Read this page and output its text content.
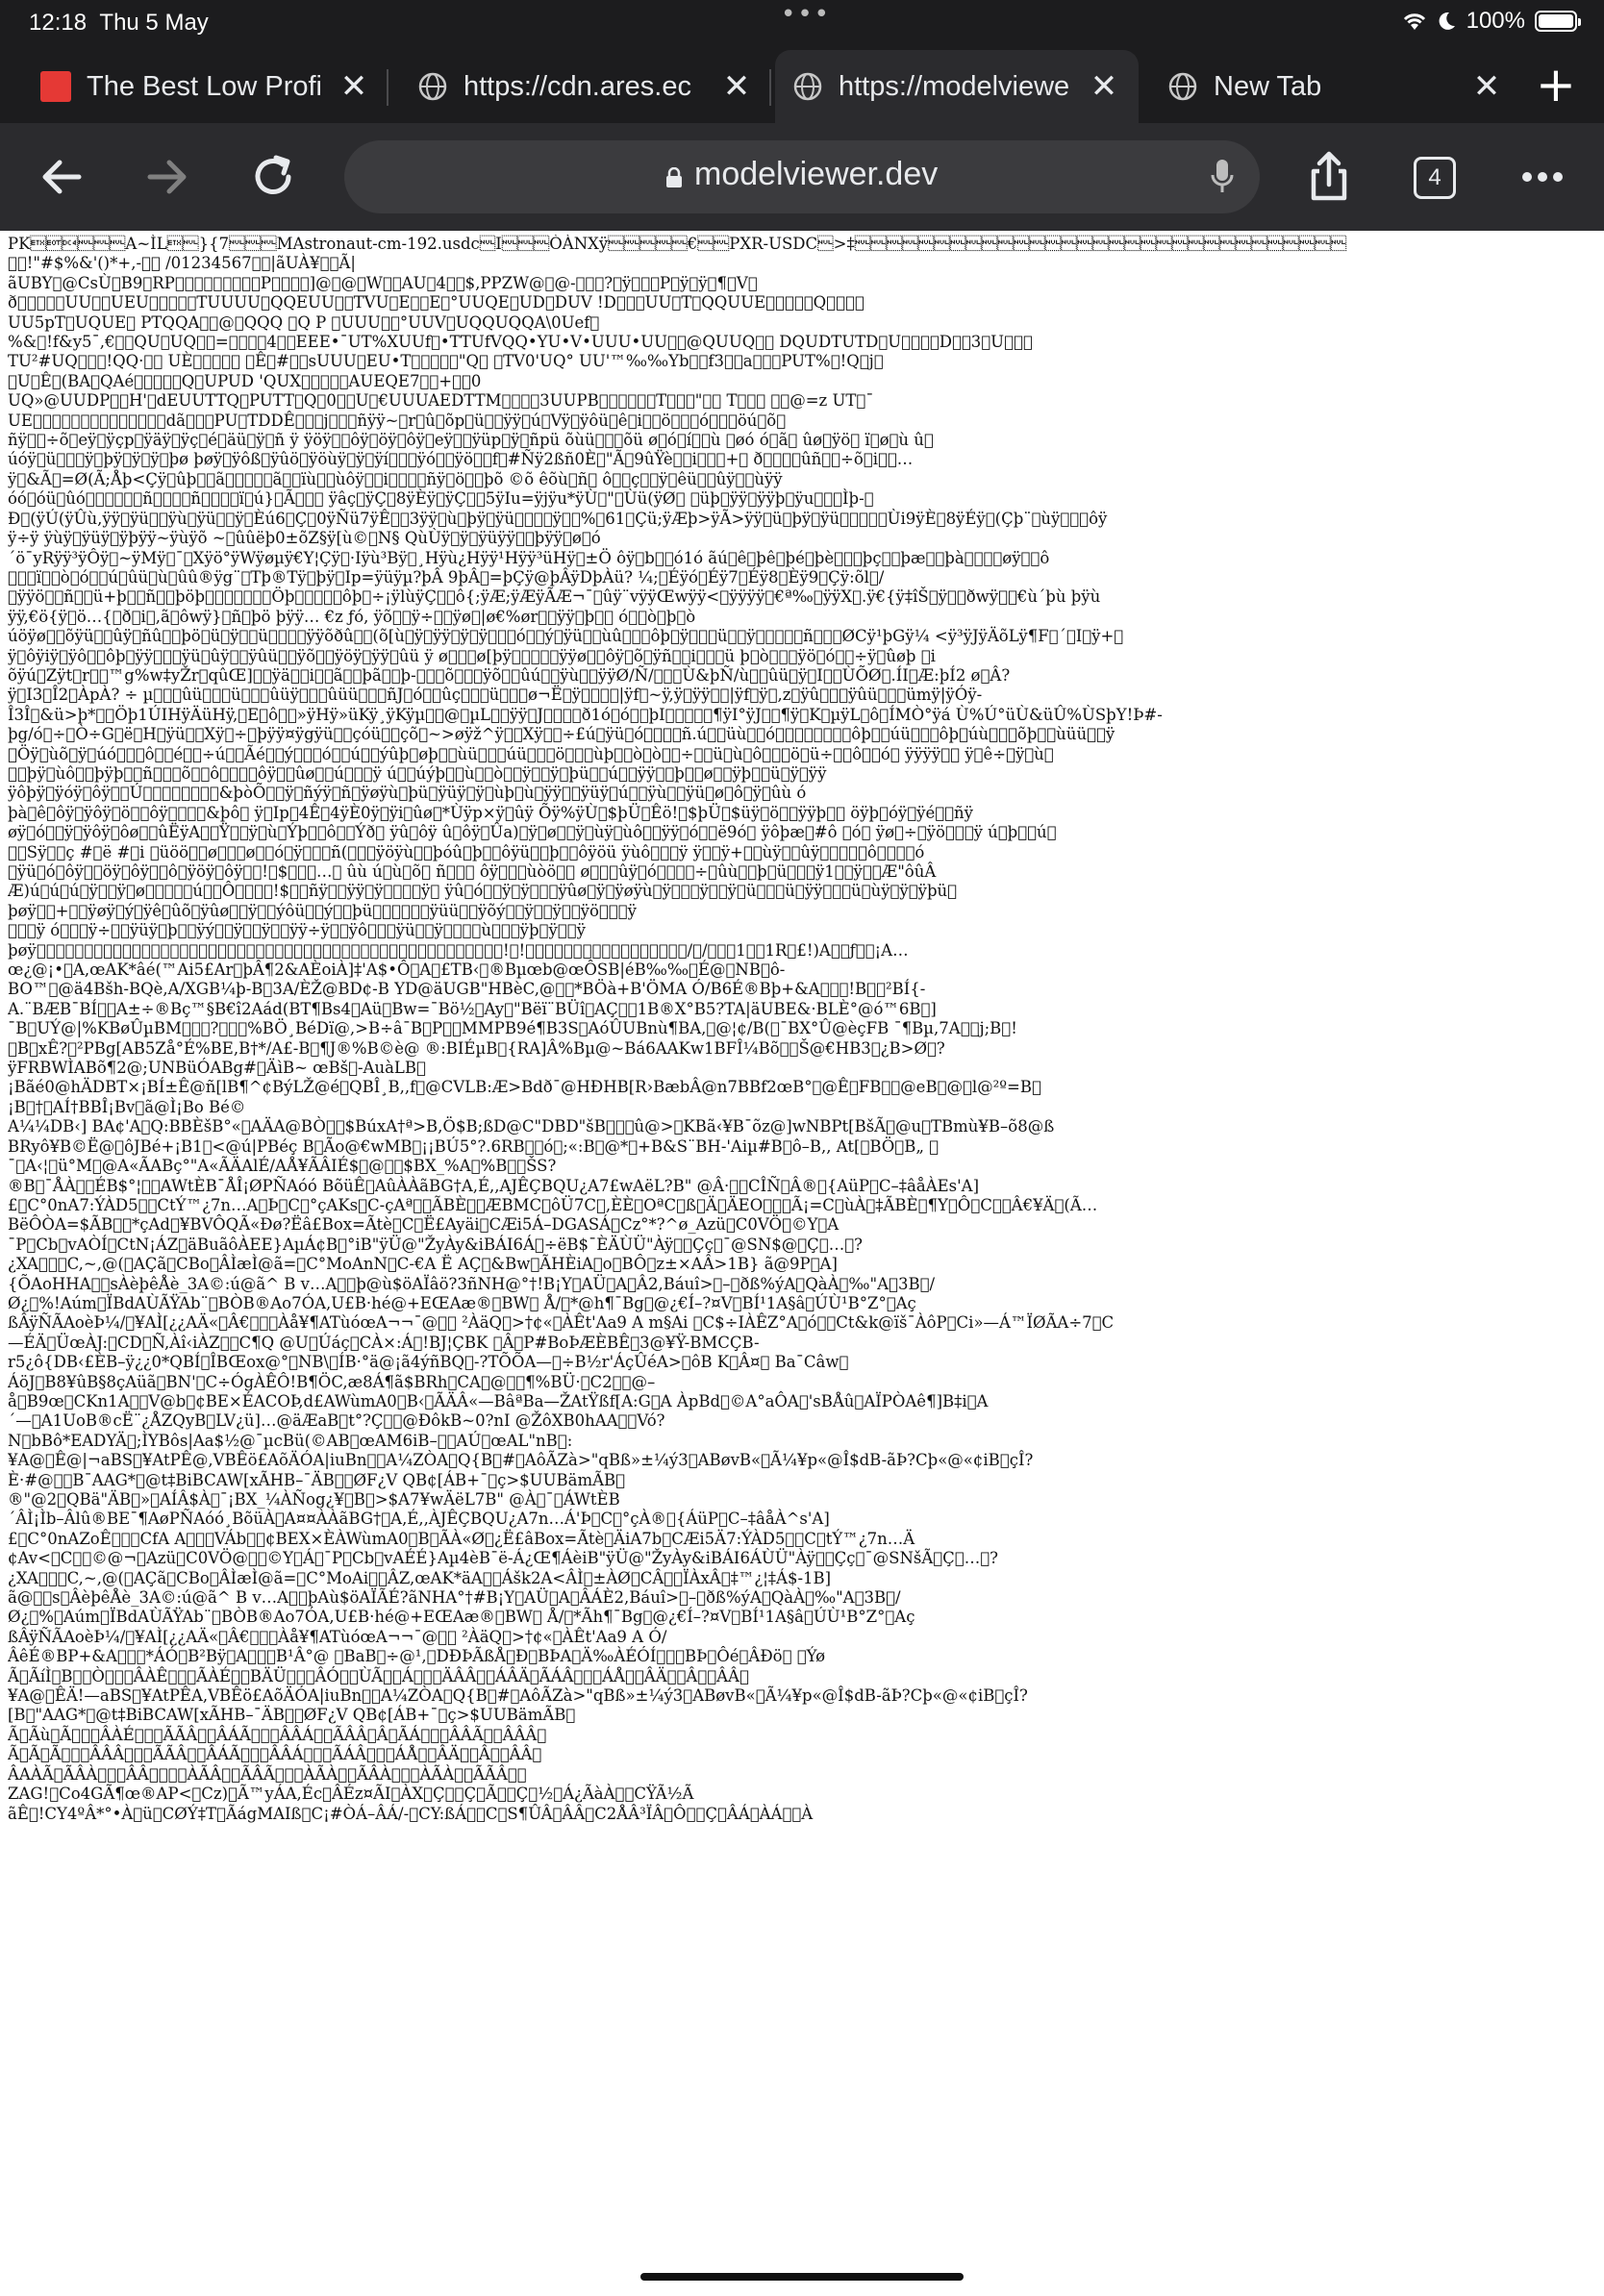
12:18 Thu 5 May	•••	100%
The Best Low Profi ✕	https://cdn.ares.ec ✕	https://modelviewe ✕	New Tab	✕ +
modelviewer.dev	4
PK   A~ÌL }{7   MAstronaut-cm-192.usdc I   ÒÀNXÿ     €  PXR-USDC >‡                               
  !"#$%&'()*+,-   /01234567  |ãUÀ¥  Ã|
ãUBY @CsÙ B9 RP         P    ]@ @ W  AU 4  $,PPZW@ @-   ? ÿ   P ÿ ÿ ¶ V 
ð     UU  UEU     TUUUU QQEUU  TVU E  E °UUQE UD DUV !D   UU T QQUUE     Q    
UU5pT UQUE  PTQQA  @ QQQ  Q P  UUU  °UUV UQQUQQA\0Uef 
%& !f&y5¯,€  QU UQ  =    4  EEE•¯UT%XUUf •TTUfVQQ•YU•V•UUU•UU  @QUUQ   DQUDTUTD U    D  3 U   
TU²#UQ   !QQ·   UÈ       Ê #  sUUU EU•T     "Q   TV0'UQ° UU'™‰‰Yb  f3  a   PUT% !Q j 
 U Ê (BA QAé     Q UPUD 'QUX     AUEQE7  +  0
UQ»@UUDP  H' dEUUTTQ PUTT Q 0  U €UUUAEDTTM    3UUPB      T   "   T      @=z UT ¯
UE              dã   PU TDDÊ   j   ñÿÿ~ r û õp ü  ÿÿ ú Vÿ ÿôü ê i  ö   ó   öú õ 
ñÿ  ÷õ eÿ ÿçp ÿäÿ ÿç é äü ÿ ñ ÿ ÿöÿ  ôÿ öÿ ôÿ eÿ  ÿüp ÿ ñpü õùü   õü ø ó í  ù  øó ó ã  ûø ÿö  ï ø ù û 
úóÿ ü   ÿ þÿ ÿ ÿ þø þøÿ ÿôß ÿûö ÿöùÿ ÿ ÿí   ÿó  ÿö  f #Ñÿ2ßñ0È "Ã 9ûŸè  i   +  ð    ûñ  ÷õ i  …
ÿ &Ã =Ø(Ã;Åþ<Çÿ ûþ  ã     ã  ïù  ùôÿ  i    ñÿ ö  þõ ©õ êõù ñ  ô  ç  ÿ êü  ûÿ  ùÿÿ
óó óü ûó      ñ    ñ    ï ú} Ã    ÿâç ÿÇ 8ÿÈÿ ÿÇ  5ÿIu=ÿjÿu*ÿÙ " Ùü(ÿØ   üþ ÿÿ ÿÿþ ÿu   Ìþ- 
Ð (ÿÚ(ÿÛù,ÿÿ ÿü  ÿù ÿü  ÿ Èú6 Ç 0ÿÑü7ÿÊ  3ÿÿ ù þÿ ÿü    ÿ  % 61 Çü;ÿÆþ>ÿÃ>ÿÿ ü þÿ ÿü     Ùi9ÿÈ 8ÿÉÿ (Çþ¨ ùÿ   ôÿ
ÿ÷ÿ ÿùÿ ÿüÿ ÿþÿÿ~ÿùÿõ ~ ûûëþ0±õZ§ÿ[ù© N§ QùÙÿ ÿ ÿüÿÿ  þÿÿ ø ó
´ö¯yRÿÿ³ÿÔÿ ~ÿMÿ ¯ Xÿö°ÿWÿøµÿ€Y¦Çÿ ·Iÿù³Bÿ ¸Hÿù¿Hÿÿ¹Hÿÿ³üHÿ ±Ö ôÿ b  ó1ó ãú ê þê þé þè   þç  þæ  þà    øÿ  ô
   ï  ò ó  ú ûü ù ûû®ÿg¨ Tþ®Tÿ þÿ Ip=ÿüÿµ?þÂ 9þÂ =þÇÿ@þÂÿDþÀü? ¼; Éÿó Éÿ7 Éÿ8 Èÿ9 Çÿ:õl /
 ÿÿö  ñ  ü+þ  ñ  þöþ       Öþ     ôþ ÷¡ÿlùÿÇ  ô{;ÿÆ;ÿÆÿÃÆ¬¯ ûÿ¨vÿÿŒwÿÿ< ÿÿÿÿ €ª‰ ÿÿX .ÿ€{ÿ‡îŠ ÿ  ðwÿ  €ù´þù þÿù
ÿÿ,€ö{ÿ ö…{ ð i ,ã ôwÿ} ñ þö þÿÿ… €z ƒó, ÿõ  ÿ÷  ÿø |ø€%ør  ÿÿ þ   ó  ò þ ò
úöÿø  õÿü  ûÿ ñû  þö ü ÿ  ü    ÿÿõðû  (õ[ù ÿ ÿÿ ÿ ÿ   ó  ý ÿü  ùû   ôþ ÿ   ü  ÿ     ñ   ØCÿ¹þGÿ¼ <ÿ³ÿJÿÄõLÿ¶F ´ I ÿ+ 
ÿ ôÿiÿ ÿô  ôþ ÿÿ   ÿü ûÿ  ÿûü  ÿõ  ÿöÿ ÿÿ ûü ÿ ø   ø[þÿ     ÿÿø  ôÿ õ ÿñ  i   ü þ ò   ÿö ó  ÷ÿ ûøþ  i
õÿú Zÿt r  ™g%w‡yŽr qûŒ]  ÿä  i  ã  þã  þ-   õ   ÿõ  ûú  ÿù  ÿÿØ/Ñ/   Ù&þÑ/ù  ûü ÿ I  ÙÕØ .ÍI Æ:þÍ2 ø Â?
ÿ I3 Î2 ÀpÀ? ÷ µ   ûü   ü   ûüÿ   ûüü   ñJ ó  ûç   ü   ø¬Ë ÿ    |ÿf ~ÿ,ÿ ÿÿ  |ÿf ÿ ,z ÿû   ÿûü   ümÿ|ÿÓÿ-
Î3Î &ü>þ*  Öþ1ÚIHÿÄüHÿ, E ô  »ÿHÿ»üKÿ¸ÿKÿµ  @ µL  ÿÿ J    ð1ó ó  þI     ¶ÿI°ÿJ  ¶ÿ K µÿL ô ÍMÒ°ÿá Ù%Ú°üÙ&üÛ%ÙSþY!Þ#-
þg/ó ÷ Ò÷G ë H ÿü  Xÿ ÷ þÿÿ¤ÿgÿü  çóü  çõ ~>øÿž^ÿ  Xÿ  ÷£ú ÿü ó    ñ.ú  üù  ó        ôþ  úü   ôþ úù   õþ  ùüü  ÿ
 Öÿ ùõ ÿ úó   ô  é  ÷ú  Ãé  ý   ó  ú  ýûþ øþ  ùü   úü   ö   ùþ  ò ò  ÷  ü ù ô   ö ü÷  ô  ó  ÿÿÿÿ   ÿ ê÷ ÿ ù 
  þÿ ùô  þÿþ  ñ   õ  ô    ôÿ  ûø  ú   ÿ ú  úýþ  ù  ò  ÿ  ÿ þü  ú  ÿÿ  þ  ø  ÿþ  ü ÿ ÿÿ
ÿôþÿ ÿóÿ ôÿ  Ú        &þòÕ  ÿ ñýÿ ñ ÿøÿù þü ÿüÿ ÿ ùþ ù ÿÿ  ÿüÿ ú  ÿù  ÿü ø ô ÿ ûù ó
þà ê ôÿ ÿôÿ ö  ôÿ    &þô  ÿ Ip 4Ê 4ÿÈ0ÿ ÿi ûø *Ùÿp×ÿ ûÿ Õÿ%ÿÙ $þÜ Êö! $þÜ $üÿ ö  ÿÿþ   öÿþ óÿ ÿé  ñÿ
øÿ ó  ÿ ÿôÿ ôø  ûËÿA  Ÿ  ÿ ù Ýþ  ô  Ýð  ÿû ôÿ û ôÿ Ûa) ÿ ø  ÿ ùÿ ùô  ÿÿ ó  ë9ó  ÿôþæ #ô  ó  ÿø ÷ ÿö   ÿ ú þ  ú 
  Sÿ  ç # ë # i  üöö  ø   ø  ó ÿ   ñ(   ÿöÿù  þóû þ  ôÿü  þ  ôÿöü ÿùô   ÿ ÿ  ÿ+  ùÿ  ûÿ     ô    ó
 ÿü ó ôÿ  öÿ ôÿ  ô ÿöÿ ôÿ  ! $   …  ûù ú ù õ  ñ    ôÿ   ùòö   ø   ûÿ ó    ÷ ûù  þ ü   ÿ1  ÿ  Æ"ôûÂ
Æ)ú ú ú ÿ  ÿ ø     ú  Ô    !$  ñÿ  ÿÿ ÿ    ÿ  ÿû ó  ÿ ÿ   ÿûø ÿ ÿøÿù ÿ   ÿ  ÿ ü   ü ÿÿ   ü ùÿ ÿ ÿþü 
þøÿ  +  ÿøÿ ý ÿê ûõ ÿûø  ÿ  ýôü  ý  þü      ÿüü  ÿõý  ÿ  ÿ  ÿö   ÿ
   ÿ ó   ÿ÷  ÿüÿ þ  ÿý  ÿ  ÿ  ÿÿ÷ÿ  ÿô   ÿü  ÿ    ù   ÿþ ÿ  ÿ
þøÿ                                                 ! !                 / /   1  1R £!)A  ƒ  ¡A…
œ¿@¡• A,œAK*âé(™Ai5£Ar þÂ¶2&AÈoiÀ]‡'A$•Ô A £TB‹ ®Bµœb@œÔSB|éB‰‰ É@ NB ô-
BO™ @ä4Bšh-BQè,A/XGB¼þ-B 3A/ÈŽ@BD¢-B YD@äUGB"HBèC,@  *BÖà+B'ÖMA Ó/B6É®Bþ+&A   !B  ²BÍ{-
A.¨BÆB¯BÍ  A±÷®Bç™§B€î2Aád(BT¶Bs4 Aü Bw=¯Bö½ Ay "Bëï¨BÜî AÇ  1B®X°B5?TA|äUBE&·BLÈ°@ó™6B ]
¯B UÝ@|%KBøÛµBM   ?   %BÖ¸BéDï@,>B÷â¯B P  MMPB9é¶B3S AóÛUBnù¶BA, @¦¢/B( ¯BX°Û@èçFB ¯¶Bµ,7A  j;B !
 B xÊ? ²PBg[AB5Zå°É%BE,B†*/A£-B ¶J®%B©è@ ®:BIÉµB {RA]Â%Bµ@~Bá6AAKw1BFÎ¼Bõ  Š@€HB3 ¿B>Ø ?
ÿFRBWÌABõ¶2@;UNBüÓABg# ÄìB~ œBš -AuàLB 
¡Bãé0@hÄDBT×¡BÍ±Ê@ñ[lB¶^¢BýLŽ@é QBÎ¸B,,f @CVLB:Æ>Bdð¯@HÐHB[R›BæbÂ@n7BBf2œB° @Ê FB  @eB @ l@²º=B 
¡B † AÍ†BBÎ¡Bv ã@Ì¡Bo Bé©
A¼¼DB‹] BA¢'A Q:BBÈšB°« AÄA@BÒ  $BúxA†ª>B,Ö$B;ßD@C"DBD"šB   û@> KBã‹¥B¯õz@]wNBPt[BšÃ @u TBmù¥B–õ8@ß
BRyô¥B©Ë@ ôJBé+¡B1 <@ú|PBéç B Ão@€wMB ¡¡BÚ5°?.6RB  ó ;«:B @* +B&S¨BH-'Aiµ#B ô–B,, At[ BÖ B„  
¯ A‹¦ ü°M @A«ÃABç°"A«ÃÄAlÉ/AÅ¥ÃÂIÉ$ @  $BX_%A %B  ŠS?
®B ¯ÅÀ  ÉB$°¦  AWtÈB¯ÅÎ¡ØPÑAóó BõüÊ AûÀÀãBG†A,É,,AJÊÇBQU¿A7£wAëL?B" @Â·  CÎÑ Â® {AüP C–‡âåÀEs'A]
£ C°0nA7:ÝÀD5  CtÝ™¿7n…A Þ C °çAKs C-çAª  ÃBÈ  ÆBMC ôÜ7C ,ÈÈ OªC ß Ä ÄEO   Ã¡=C ùÀ ‡ÃBÈ ¶Y Ô C  Â€¥Ä (Ã…
BëÔÒA=$ÃB  *çAd ¥BVÔQÃ«Ðø?Ëâ£Box=Ãtè C Ë£Ayäi CÆi5Á–DGASÁ Cz°*?^ø_Azü C0VÖ ©Y A
¯P Cb vAÒÍ CtN¡ÁZ äBuãôÀEE}AµÁ¢B °iB"ÿÜ@"ŽyÀy&iBÁI6Á ÷ëB$¯ÈÄÙÜ"Àÿ  Çç ¯@SN$@ Ç … ?
¿XA   C,~,@( AÇã CBo ÂÌæÌ@ã= C°MoAnN C-€A Ë AÇ &Bw ÃHÈiA o BÔ z±×AÂ>1B} ã@9P A]
{ÕAoHHA  sÀèþêÅè_3A©:ú@ã^ B v…A  þ@ù$öAÏâö?3ñNH@°†!B¡Y AÜ A Â2,Báuî> – ðß%ýA QàÀ ‰"A 3B /
Ø¿ %!Aúm ÏBdAÙÃŸAb¨ BÒB®Ao7ÓA,U£B·hé@+EŒAæ® BW  Å/ *@h¶¯Bg @¿€Í–?¤V BÍ¹1A§â ÚÙ¹B°Z° Aç
ßÂÿÑÃAoèÞ¼/ ¥AÌ[¿¿AÄ« Â€   Àå¥¶ATùóœA¬¬¯@   ²ÀäQ >†¢« ÀÊt'Aa9 A m§Ai  C$÷IÀÊZ°A ó  Ct&k@ïš¯ÀôP Ci»—Á™ÏØÃA÷7 C
—ÉÄ ÜœÀJ: CD Ñ,Àî‹iÀZ  C¶Q @U Úáç CÀ×:Á !BJ¦ÇBK  Â P#BoÞÆÈBÊ 3@¥Ÿ-BMCÇB-
r5¿ô{DB‹£ÈB–ÿ¿¿0*QBÍ ÎBŒox@° NB\ ÍB·°ä@¡ã4ýñBQ -?TÕÕA— ÷B½r'ÁçÛéA> ôB K Â¤  Ba¯Câw 
ÁöJ B8¥ûB§8çAüã BN' C÷ÓgÀÊÔ!B¶ÖC,æ8Á¶ã$BRh CA @  ¶%BÜ· C2  @–
å B9œ CKn1A  V@b ¢BE×ÉACOÞ,d£AWùmA0 B‹ ÃÄÂ«—BâªBa—ŽAtŸßf[A:G A ÀpBd ©A°aÔA 'sBÅû AÏPÒAê¶]B‡i A
´— A1UoB®cË¨¿ÅZQyB LV¿ü]…@äÆaB t°?Ç  @ÐôkB~0?nI @ŽôXB0hAA  Vó?
N bBô*EADYÄ ;ÌYBôs|Aa$½@¯µcBü(©AB œAM6iB–  AÚ œAL"nB :
¥A@ Ê@|¬aBS ¥AtPÊ@,VBÊö£AõÄÓA|iuBn  A¼ZÒA Q{B # AôÃZà>"qBß»±¼ý3 ABøvB« Ã¼¥p«@Î$dB-ãÞ?Cþ«@«¢iB çÎ?
È·#@  B¯AAG* @t‡BiBCAW[xÃHB–¯ÄB  ØF¿V QB¢[ÁB+¯ ç>$UUBämÃB 
®"@2 QBä"ÄB » AÍÂ$À ¯¡BX_¼ÀÑog¿¥ B >$A7¥wÄëL7B" @À ¯ ÁWtÈB
´ÂÌ¡Ìb–Âlû®BE¯¶AøPÑAóó¸BõüÀ A¤¤ÀÀãBG† A,É,,ÀJÊÇBQU¿A7n…Á'Þ C °çÀ® {ÁüP C–‡âåÀ^s'A]
£ C°0nAZoÊ   CfA A   VÁb  ¢BEX×ÈÀWùmA0 B ÃÀ«Ø ¿Ë£âBox=Ãtè ÄiA7b CÆi5Ä7:ÝÀD5  C tÝ™¿7n…Ä
¢Av< C  ©@¬ Azü C0VÖ@  ©Y Á ¯P Cb vAÉÉ}Aµ4èB¯ë-Á¿Œ¶ÁèiB"ÿÜ@"ŽyÀy&iBÁI6ÁÙÜ"Àÿ  Çç ¯@SNšÃ Ç … ?
¿XA   C,~,@( AÇã CBo ÂÌæÌ@ã= C°MoAi  ÂZ,œAK*äA  Ášk2A<ÂÌ ±ÀØ CÂ  ÏÀxÂ ‡™¿¦‡Á$-1B]
ã@  s ÂèþêÅè_3A©:ú@ã^ B v…A  þAù$öAÏÃÉ?ãNHA°†#B¡Y AÜ A ÂÁÈ2,Báuî> – ðß%ýA QàÀ ‰"A 3B /
Ø¿ % Aúm ÏBdAÙÃŸAb¨ BÒB®Ao7ÓA,U£B·hé@+EŒAæ® BW  Å/ *Ãh¶¯Bg @¿€Í–?¤V BÍ¹1A§â ÚÙ¹B°Z° Aç
ßÂÿÑÃAoèÞ¼/ ¥AÌ[¿¿AÄ« Â€   Àå¥¶ATùóœA¬¬¯@   ²ÀäQ >†¢« ÀÊt'Aa9 A Ó/
ÂêÉ®BP+&A   *ÁÓ B²Bÿ A   B¹Â°@  BaB ÷@¹, DÐÞÃßÅ Ð BÞA Ä‰ÀÉÓÍ   BÞ Ôé ÂÐö   Ýø
Ã ÃíÌ B  Ò   ÂÀÊ   ÃÀÉ  BÄÜ   ÂÓ  ÙÃ  Á   ÄÂÂ  ÁÂÄ ÃÁÂ   ÁÅ  ÂÄ  Â  ÂÂ 
¥A@ ÊÄ!—aBS ¥AtPÊA,VBÊö£AõÄÓA|iuBn  A¼ZÒA Q{B # AôÃZà>"qBß»±¼ý3 ABøvB« Ã¼¥p«@Î$dB-ãÞ?Cþ«@«¢iB çÎ?
[B "AAG* @t‡BiBCAW[xÃHB–¯ÄB  ØF¿V QB¢[ÁB+¯ ç>$UUBämÃB 
Ã Ãù Ã   ÂÀÉ   ÃÃÂ  ÂÁÃ   ÂÂÁ  ÃÂÂ Â ÃÁ   ÂÂÃ  ÂÂÂ 
Ã Ã Ã   ÂÂÂ   ÃÃÂ  ÂÁÃ   ÂÂÁ   ÃÁÂ   ÁÅ  ÂÄ  Â  ÂÂ 
ÂAÀÃ ÃÂÀ   ÂÂ    ÀÃÂ  ÃÂÃ   ÀÃÀ  ÃÂÀ   ÀÃÀ  ÃÃÂ  
ZAG! Co4GÃ¶œ®AP< Cz) Ã™yÁA,Éc ÂÉz¤ÃI ÀX Ç  Ç Ã  Ç ½ Á¿ÃàÀ  CŸÃ½Ã
ãÊ !CY4ºÂ*°•À ü CØÝ‡T ÃágMAIß C¡#ÒÁ–ÂÁ/- CY:ßÁ  C S¶ÛÂ ÂÂ C2ÅÂ³ÏÂ Ô  Ç ÂÁ ÀÁ  À
